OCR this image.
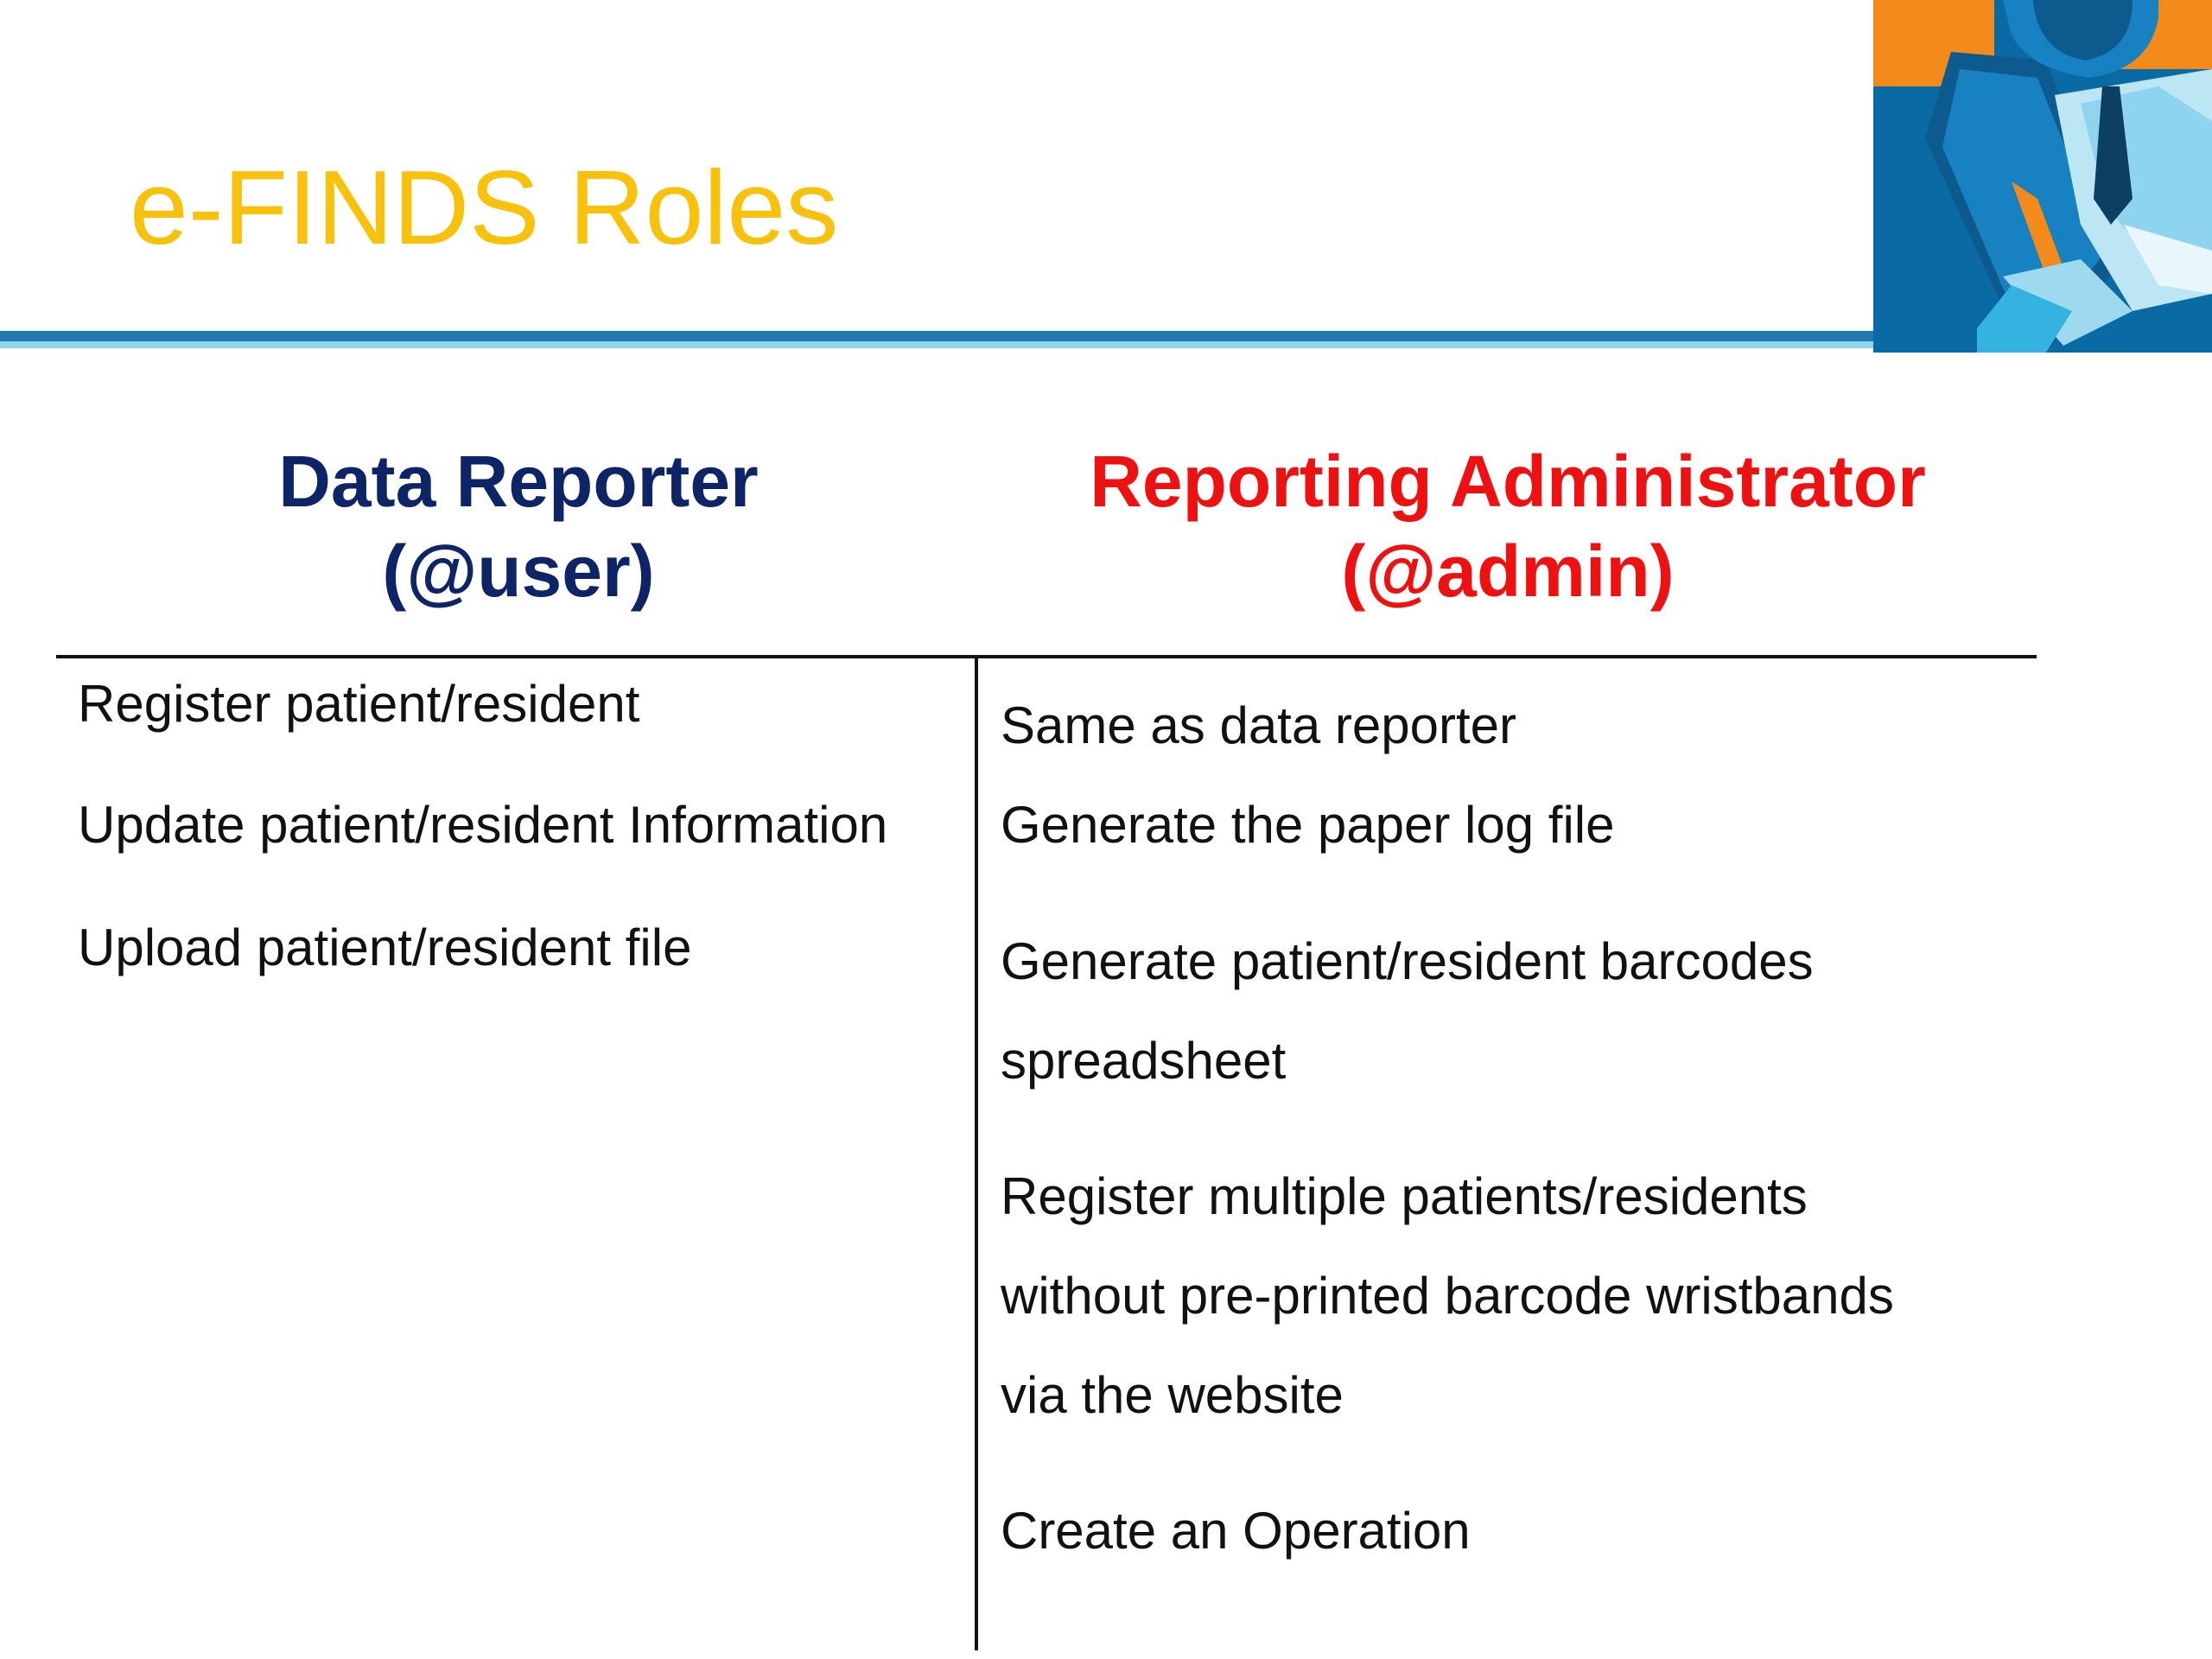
e-FINDS Roles
Data Reporter
(@user)
Reporting Administrator
(@admin)
Register patient/resident
Update patient/resident Information
Upload patient/resident file
Same as data reporter
Generate the paper log file
Generate patient/resident barcodes
spreadsheet
Register multiple patients/residents
without pre-printed barcode wristbands
via the website
Create an Operation
